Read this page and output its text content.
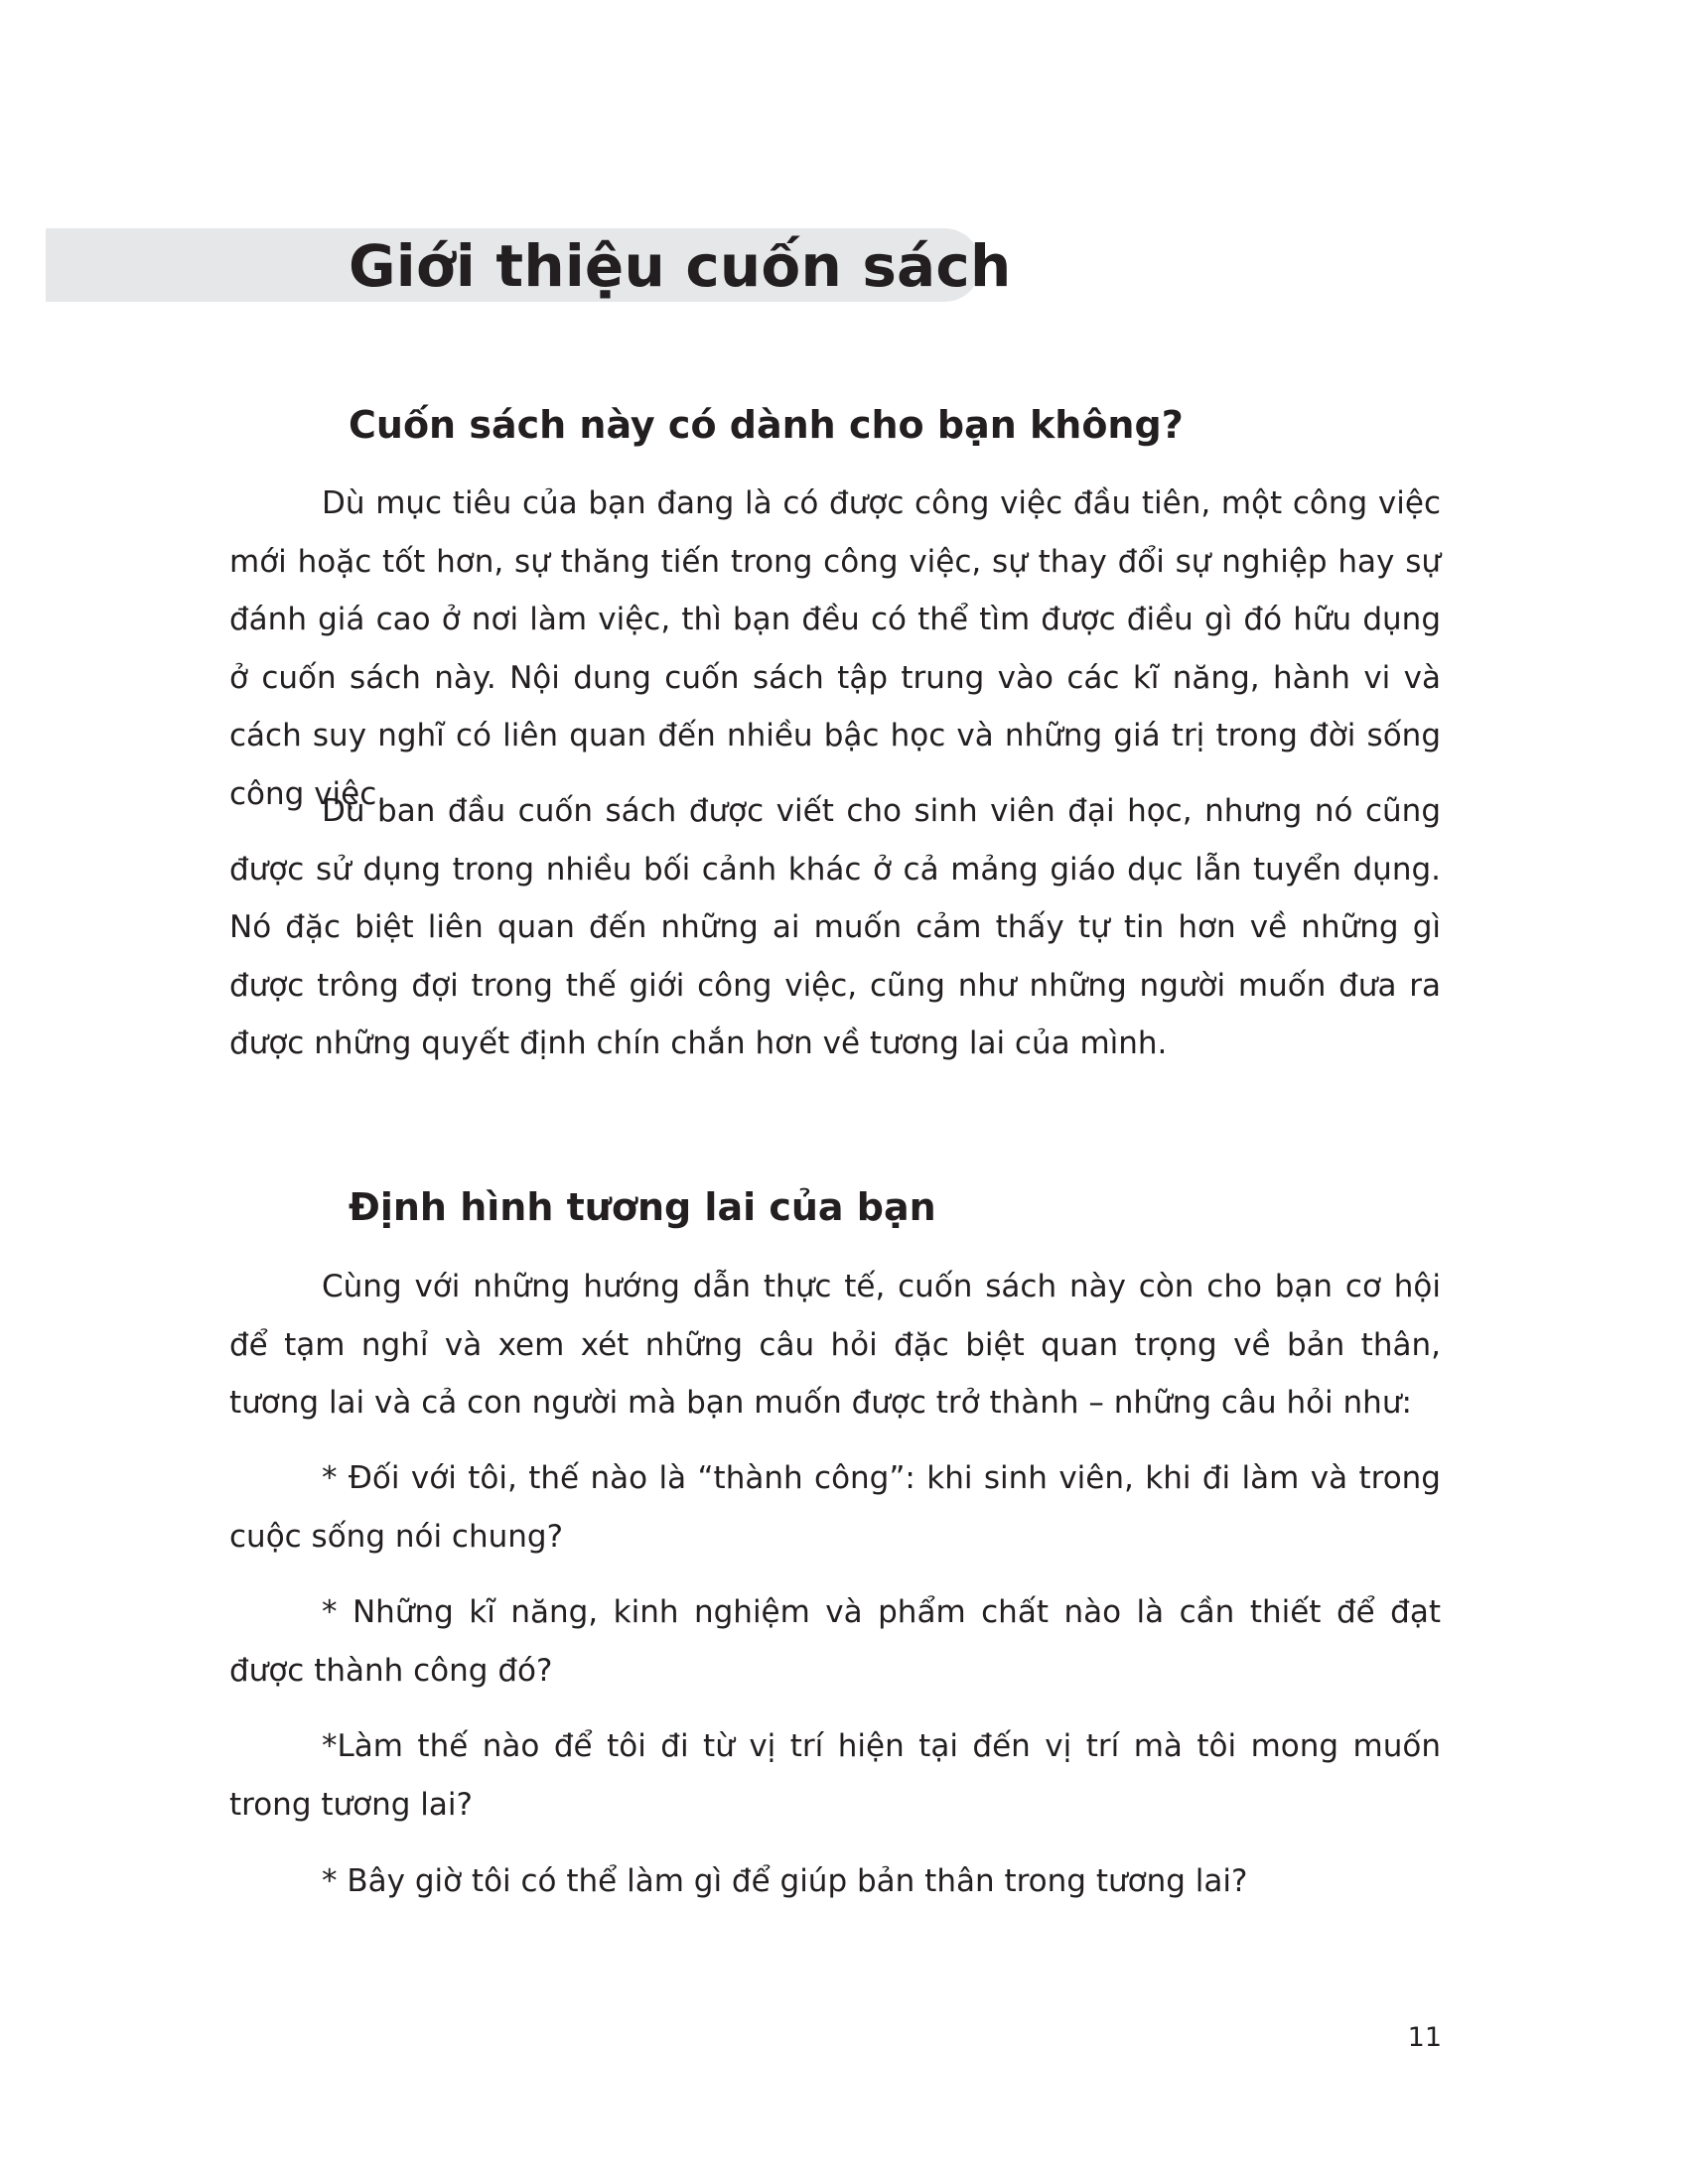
Giới thiệu cuốn sách
Cuốn sách này có dành cho bạn không?

Dù mục tiêu của bạn đang là có được công việc đầu tiên, một công việc mới hoặc tốt hơn, sự thăng tiến trong công việc, sự thay đổi sự nghiệp hay sự đánh giá cao ở nơi làm việc, thì bạn đều có thể tìm được điều gì đó hữu dụng ở cuốn sách này. Nội dung cuốn sách tập trung vào các kĩ năng, hành vi và cách suy nghĩ có liên quan đến nhiều bậc học và những giá trị trong đời sống công việc.

Dù ban đầu cuốn sách được viết cho sinh viên đại học, nhưng nó cũng được sử dụng trong nhiều bối cảnh khác ở cả mảng giáo dục lẫn tuyển dụng. Nó đặc biệt liên quan đến những ai muốn cảm thấy tự tin hơn về những gì được trông đợi trong thế giới công việc, cũng như những người muốn đưa ra được những quyết định chín chắn hơn về tương lai của mình.

Định hình tương lai của bạn

Cùng với những hướng dẫn thực tế, cuốn sách này còn cho bạn cơ hội để tạm nghỉ và xem xét những câu hỏi đặc biệt quan trọng về bản thân, tương lai và cả con người mà bạn muốn được trở thành – những câu hỏi như:

* Đối với tôi, thế nào là “thành công”: khi sinh viên, khi đi làm và trong cuộc sống nói chung?

* Những kĩ năng, kinh nghiệm và phẩm chất nào là cần thiết để đạt được thành công đó?

*Làm thế nào để tôi đi từ vị trí hiện tại đến vị trí mà tôi mong muốn trong tương lai?

* Bây giờ tôi có thể làm gì để giúp bản thân trong tương lai?

11
